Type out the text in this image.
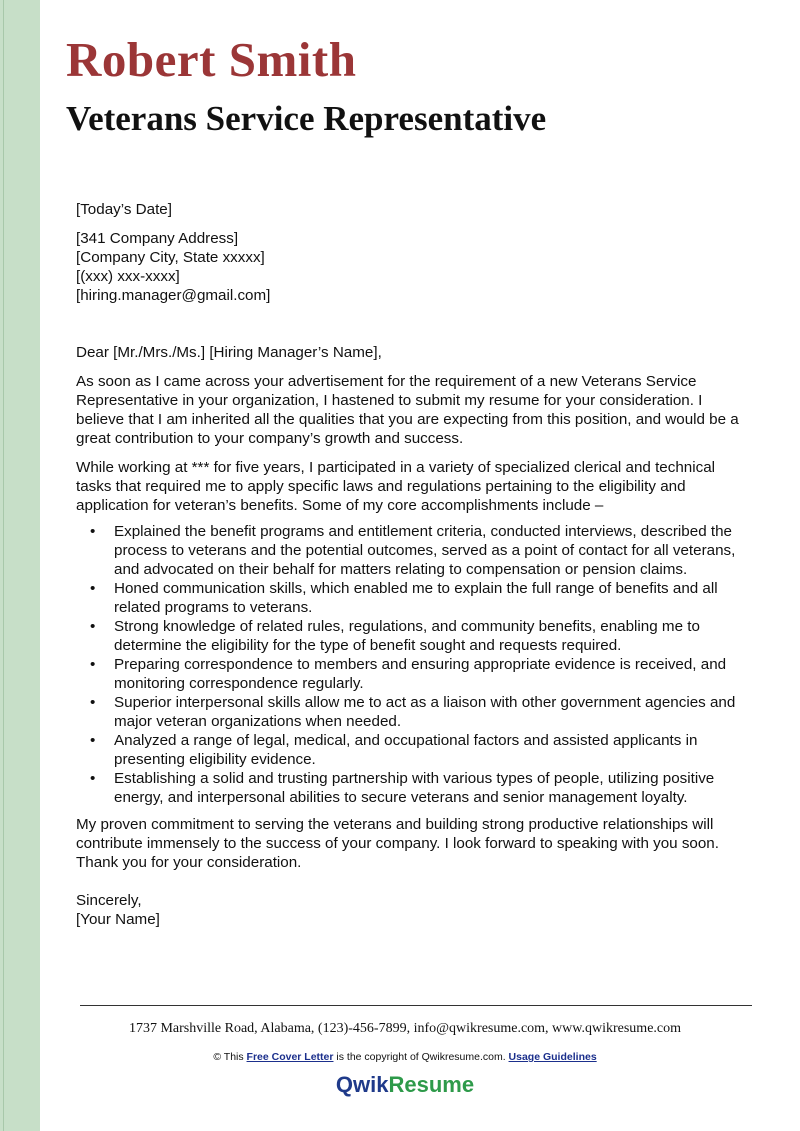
Robert Smith
Veterans Service Representative

[Today’s Date]

[341 Company Address]

[Company City, State xxxxx]

[(xxx) xxx-xxxx]

[hiring.manager@gmail.com]

Dear [Mr./Mrs./Ms.] [Hiring Manager’s Name],

As soon as I came across your advertisement for the requirement of a new Veterans Service Representative in your organization, I hastened to submit my resume for your consideration. I believe that I am inherited all the qualities that you are expecting from this position, and would be a great contribution to your company’s growth and success.

While working at *** for five years, I participated in a variety of specialized clerical and technical tasks that required me to apply specific laws and regulations pertaining to the eligibility and application for veteran’s benefits. Some of my core accomplishments include –

• Explained the benefit programs and entitlement criteria, conducted interviews, described the process to veterans and the potential outcomes, served as a point of contact for all veterans, and advocated on their behalf for matters relating to compensation or pension claims.
• Honed communication skills, which enabled me to explain the full range of benefits and all related programs to veterans.
• Strong knowledge of related rules, regulations, and community benefits, enabling me to determine the eligibility for the type of benefit sought and requests required.
• Preparing correspondence to members and ensuring appropriate evidence is received, and monitoring correspondence regularly.
• Superior interpersonal skills allow me to act as a liaison with other government agencies and major veteran organizations when needed.
• Analyzed a range of legal, medical, and occupational factors and assisted applicants in presenting eligibility evidence.
• Establishing a solid and trusting partnership with various types of people, utilizing positive energy, and interpersonal abilities to secure veterans and senior management loyalty.

My proven commitment to serving the veterans and building strong productive relationships will contribute immensely to the success of your company. I look forward to speaking with you soon. Thank you for your consideration.

Sincerely,

[Your Name]

1737 Marshville Road, Alabama, (123)-456-7899, info@qwikresume.com, www.qwikresume.com
© This Free Cover Letter is the copyright of Qwikresume.com. Usage Guidelines
QwikResume
